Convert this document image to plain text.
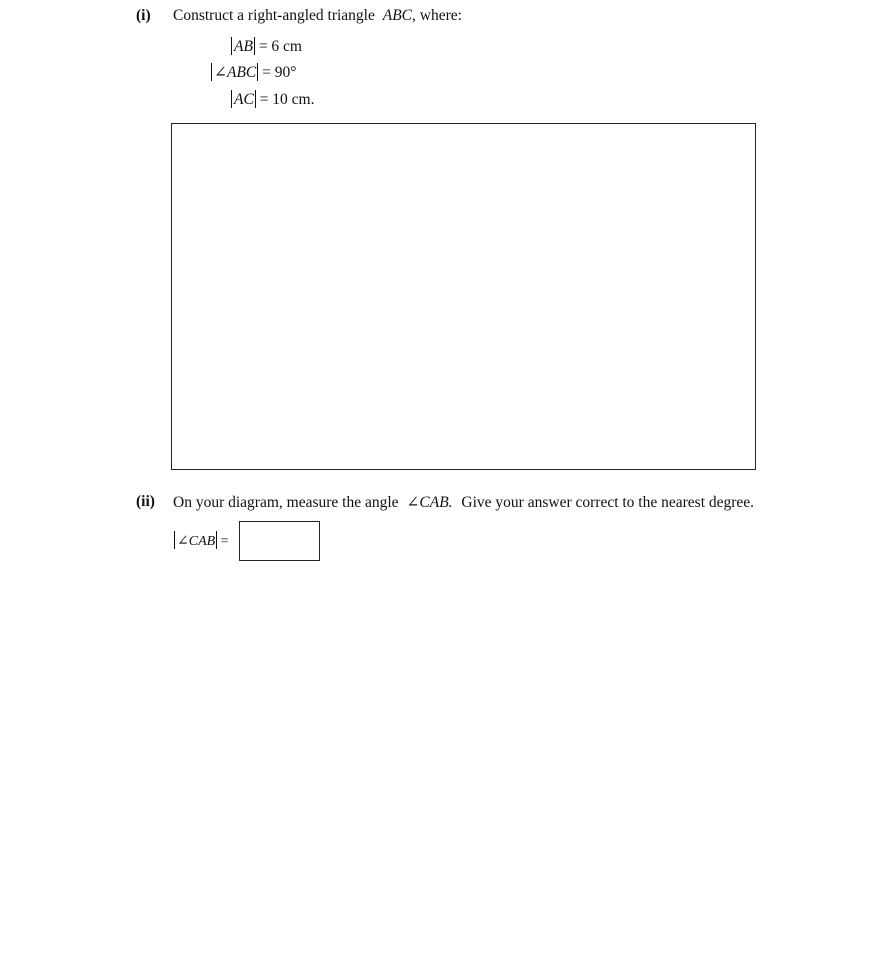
(i) Construct a right-angled triangle ABC, where:
AB = 6 cm
∠ABC = 90°
AC = 10 cm.
(ii) On your diagram, measure the angle ∠CAB. Give your answer correct to the nearest degree.
∠CAB =
